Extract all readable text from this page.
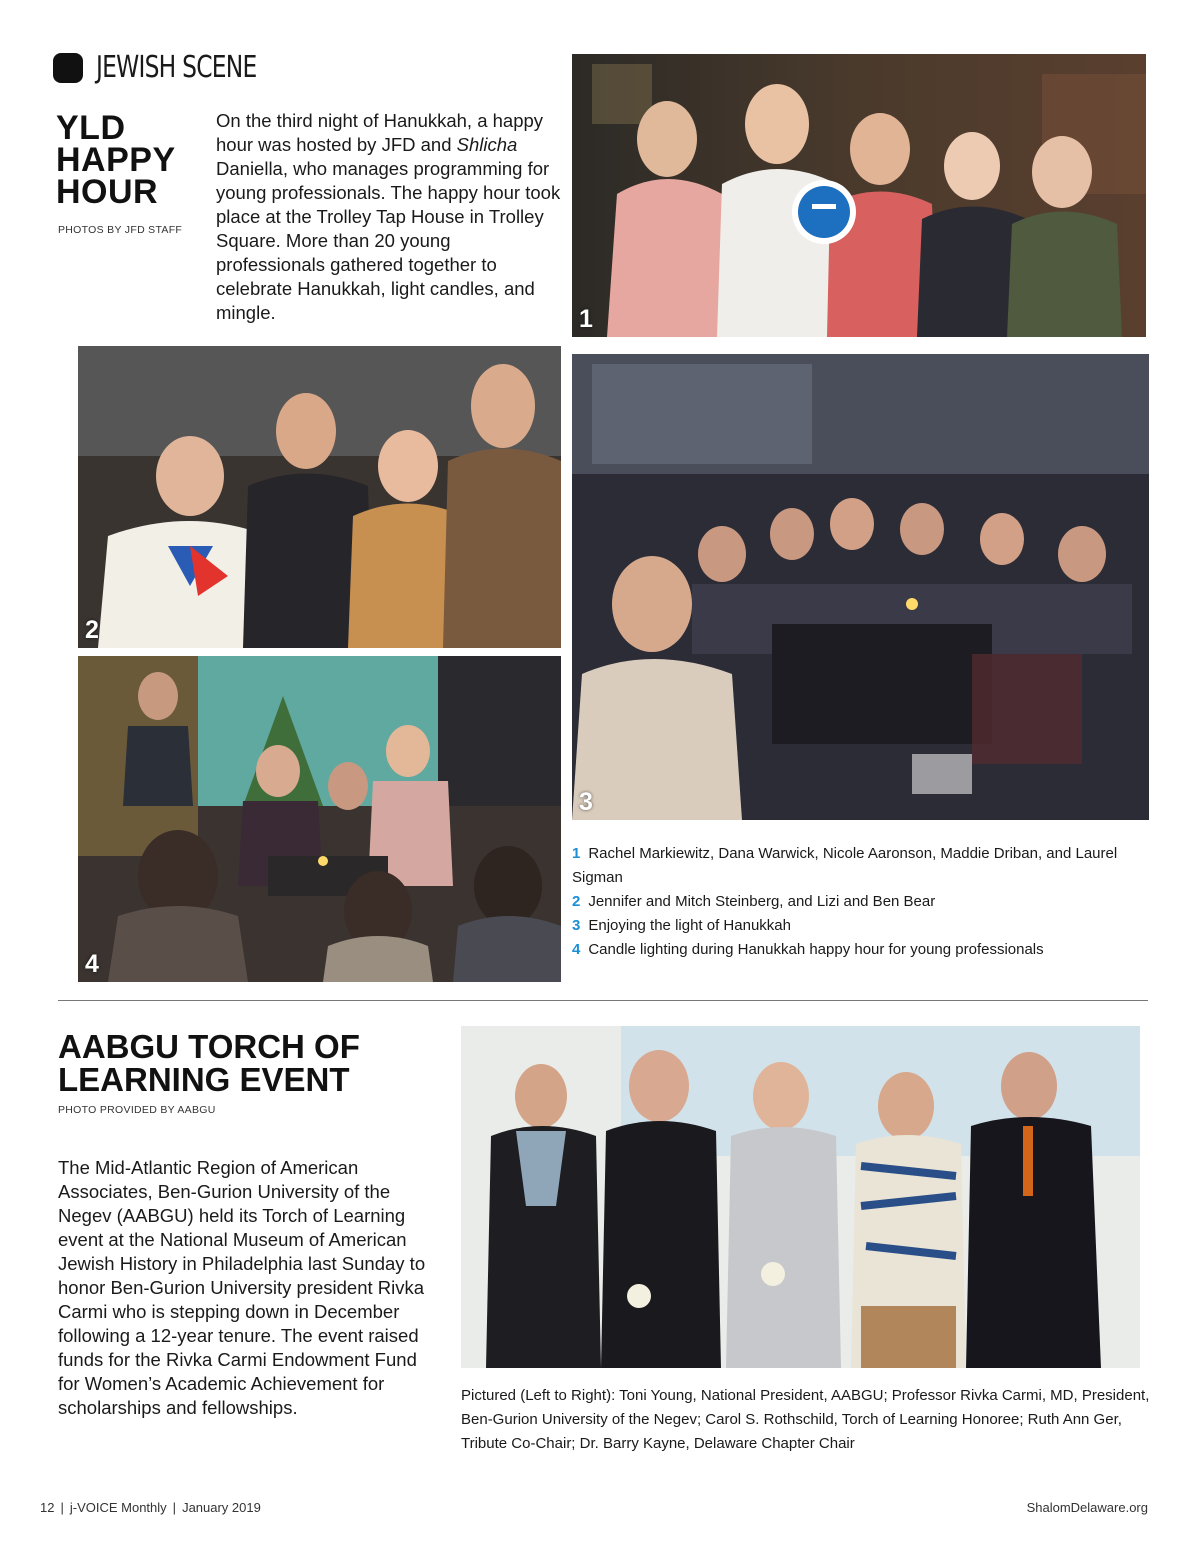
JEWISH SCENE
YLD
HAPPY
HOUR
PHOTOS BY JFD STAFF
On the third night of Hanukkah, a happy hour was hosted by JFD and Shlicha Daniella, who manages programming for young professionals. The happy hour took place at the Trolley Tap House in Trolley Square. More than 20 young professionals gathered together to celebrate Hanukkah, light candles, and mingle.	1
2
3
4
1 Rachel Markiewitz, Dana Warwick, Nicole Aaronson, Maddie Driban, and Laurel Sigman
2 Jennifer and Mitch Steinberg, and Lizi and Ben Bear
3 Enjoying the light of Hanukkah
4 Candle lighting during Hanukkah happy hour for young professionals
AABGU TORCH OF
LEARNING EVENT
PHOTO PROVIDED BY AABGU
The Mid-Atlantic Region of American Associates, Ben-Gurion University of the Negev (AABGU) held its Torch of Learning event at the National Museum of American Jewish History in Philadelphia last Sunday to honor Ben-Gurion University president Rivka Carmi who is stepping down in December following a 12-year tenure. The event raised funds for the Rivka Carmi Endowment Fund for Women’s Academic Achievement for scholarships and fellowships.
Pictured (Left to Right): Toni Young, National President, AABGU; Professor Rivka Carmi, MD, President, Ben-Gurion University of the Negev; Carol S. Rothschild, Torch of Learning Honoree; Ruth Ann Ger, Tribute Co-Chair; Dr. Barry Kayne, Delaware Chapter Chair
12 | j-VOICE Monthly | January 2019	ShalomDelaware.org
